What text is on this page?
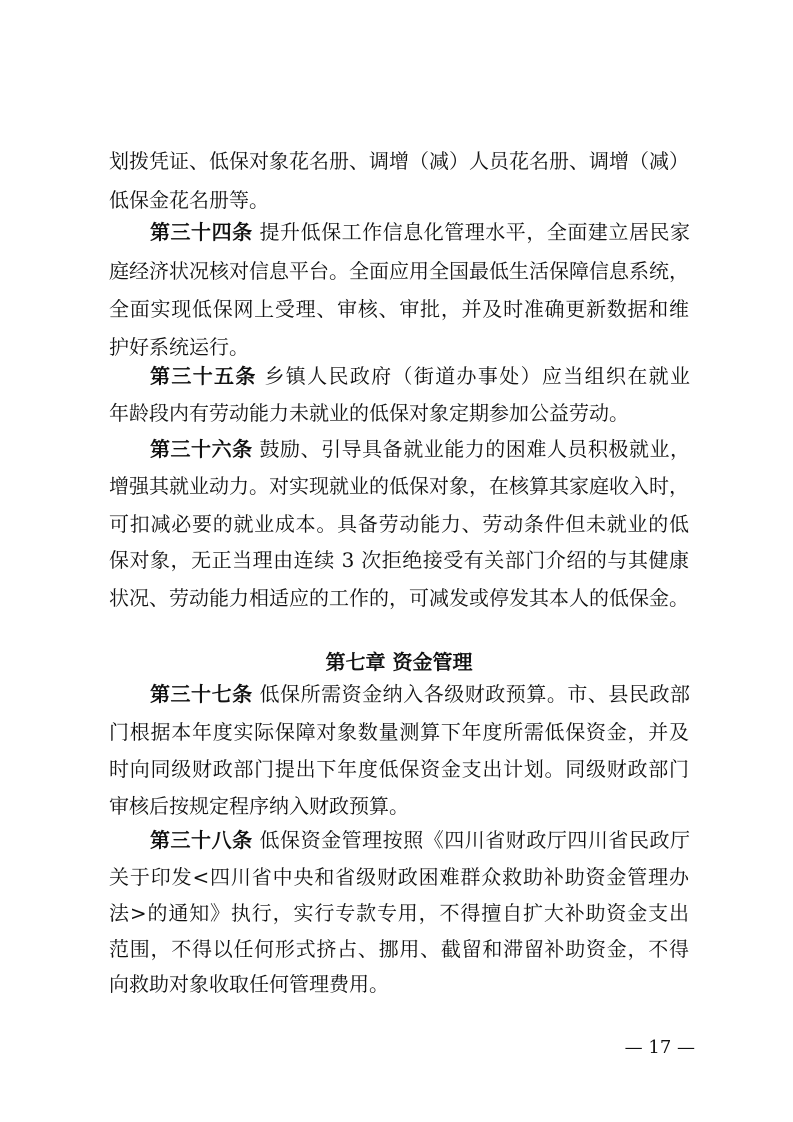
划拨凭证、低保对象花名册、调增（减）人员花名册、调增（减）
低保金花名册等。
第三十四条 提升低保工作信息化管理水平，全面建立居民家
庭经济状况核对信息平台。全面应用全国最低生活保障信息系统，
全面实现低保网上受理、审核、审批，并及时准确更新数据和维
护好系统运行。
第三十五条 乡镇人民政府（街道办事处）应当组织在就业
年龄段内有劳动能力未就业的低保对象定期参加公益劳动。
第三十六条 鼓励、引导具备就业能力的困难人员积极就业，
增强其就业动力。对实现就业的低保对象，在核算其家庭收入时，
可扣减必要的就业成本。具备劳动能力、劳动条件但未就业的低
保对象，无正当理由连续 3 次拒绝接受有关部门介绍的与其健康
状况、劳动能力相适应的工作的，可减发或停发其本人的低保金。
第七章 资金管理
第三十七条 低保所需资金纳入各级财政预算。市、县民政部
门根据本年度实际保障对象数量测算下年度所需低保资金，并及
时向同级财政部门提出下年度低保资金支出计划。同级财政部门
审核后按规定程序纳入财政预算。
第三十八条 低保资金管理按照《四川省财政厅四川省民政厅
关于印发<四川省中央和省级财政困难群众救助补助资金管理办
法>的通知》执行，实行专款专用，不得擅自扩大补助资金支出
范围，不得以任何形式挤占、挪用、截留和滞留补助资金，不得
向救助对象收取任何管理费用。
— 17 —
